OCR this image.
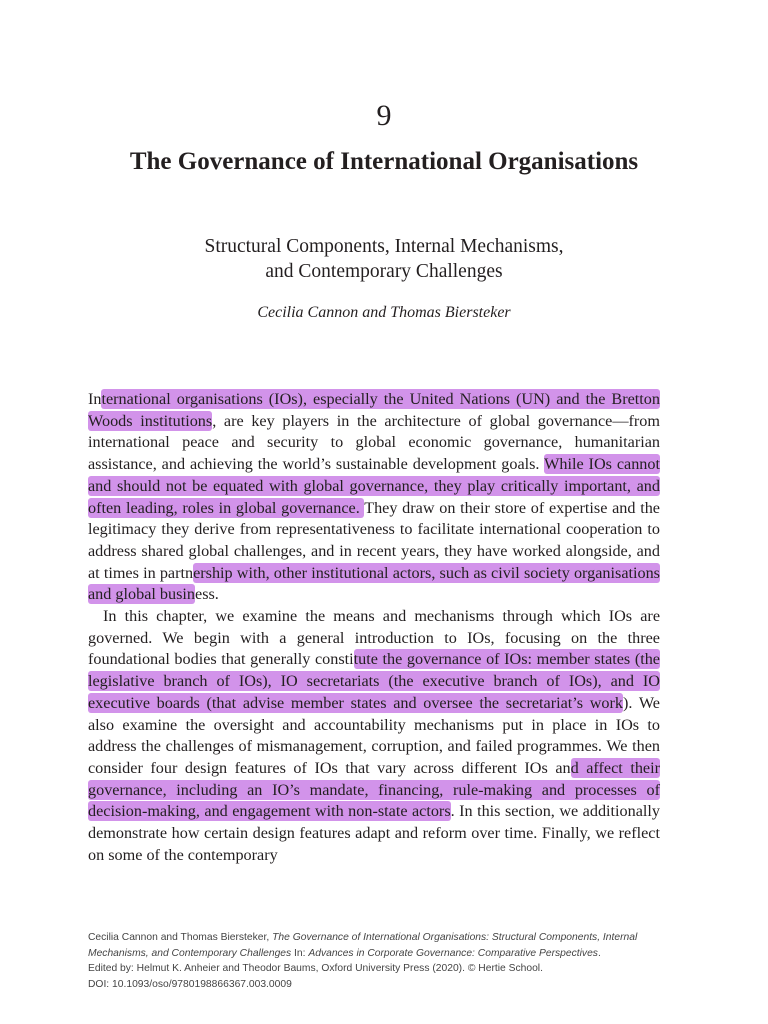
9
The Governance of International Organisations
Structural Components, Internal Mechanisms,
and Contemporary Challenges
Cecilia Cannon and Thomas Biersteker

International organisations (IOs), especially the United Nations (UN) and the Bretton Woods institutions, are key players in the architecture of global governance—from international peace and security to global economic governance, humanitarian assistance, and achieving the world’s sustainable development goals. While IOs cannot and should not be equated with global governance, they play critically important, and often leading, roles in global governance. They draw on their store of expertise and the legitimacy they derive from representativeness to facilitate international cooperation to address shared global challenges, and in recent years, they have worked alongside, and at times in partnership with, other institutional actors, such as civil society organisations and global business.

In this chapter, we examine the means and mechanisms through which IOs are governed. We begin with a general introduction to IOs, focusing on the three foundational bodies that generally constitute the governance of IOs: member states (the legislative branch of IOs), IO secretariats (the executive branch of IOs), and IO executive boards (that advise member states and oversee the secretariat’s work). We also examine the oversight and accountability mechanisms put in place in IOs to address the challenges of mismanagement, corruption, and failed programmes. We then consider four design features of IOs that vary across different IOs and affect their governance, including an IO’s mandate, financing, rule-making and processes of decision-making, and engagement with non-state actors. In this section, we additionally demonstrate how certain design features adapt and reform over time. Finally, we reflect on some of the contemporary

Cecilia Cannon and Thomas Biersteker, The Governance of International Organisations: Structural Components, Internal Mechanisms, and Contemporary Challenges In: Advances in Corporate Governance: Comparative Perspectives.
Edited by: Helmut K. Anheier and Theodor Baums, Oxford University Press (2020). © Hertie School.
DOI: 10.1093/oso/9780198866367.003.0009
